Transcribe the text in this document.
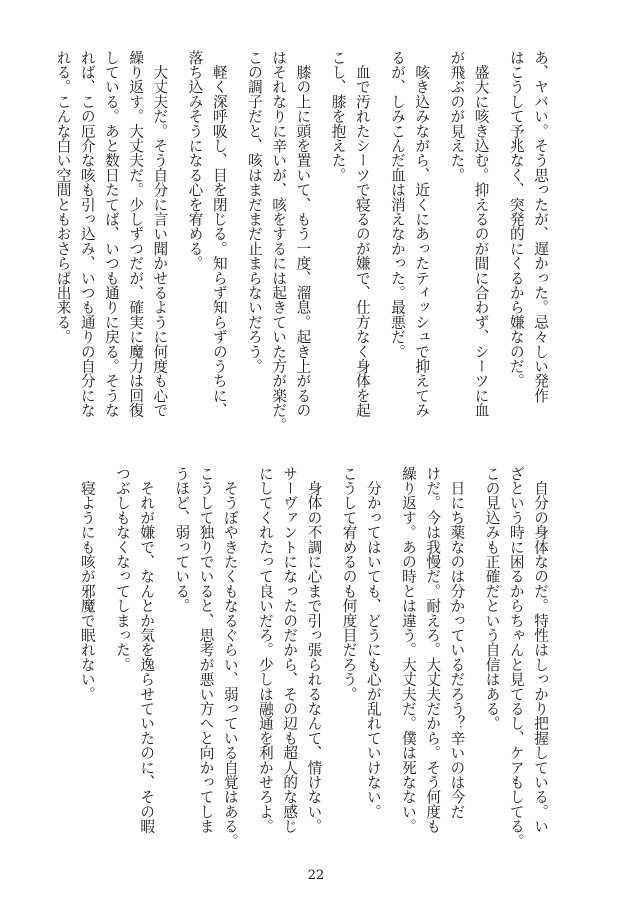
あ、ヤバい。そう思ったが、遅かった。忌々しい発作
はこうして予兆なく、突発的にくるから嫌なのだ。
　盛大に咳き込む。抑えるのが間に合わず、シーツに血
が飛ぶのが見えた。
　咳き込みながら、近くにあったティッシュで抑えてみ
るが、しみこんだ血は消えなかった。最悪だ。
　血で汚れたシーツで寝るのが嫌で、仕方なく身体を起
こし、膝を抱えた。
　膝の上に頭を置いて、もう一度、溜息。起き上がるの
はそれなりに辛いが、咳をするには起きていた方が楽だ。
この調子だと、咳はまだまだ止まらないだろう。
　軽く深呼吸し、目を閉じる。知らず知らずのうちに、
落ち込みそうになる心を宥める。
　大丈夫だ。そう自分に言い聞かせるように何度も心で
繰り返す。大丈夫だ。少しずつだが、確実に魔力は回復
している。あと数日たてば、いつも通りに戻る。そうな
れば、この厄介な咳も引っ込み、いつも通りの自分にな
れる。こんな白い空間ともおさらば出来る。
　自分の身体なのだ。特性はしっかり把握している。い
ざという時に困るからちゃんと見てるし、ケアもしてる。
この見込みも正確だという自信はある。
　日にち薬なのは分かっているだろう？辛いのは今だ
けだ。今は我慢だ。耐えろ。大丈夫だから。そう何度も
繰り返す。あの時とは違う。大丈夫だ。僕は死なない。
　分かってはいても、どうにも心が乱れていけない。
こうして宥めるのも何度目だろう。
　身体の不調に心まで引っ張られるなんて、情けない。
サーヴァントになったのだから、その辺も超人的な感じ
にしてくれたって良いだろ。少しは融通を利かせろよ。
　そうぼやきたくもなるぐらい、弱っている自覚はある。
こうして独りでいると、思考が悪い方へと向かってしま
うほど、弱っている。
　それが嫌で、なんとか気を逸らせていたのに、その暇
つぶしもなくなってしまった。
　寝ようにも咳が邪魔で眠れない。
22
